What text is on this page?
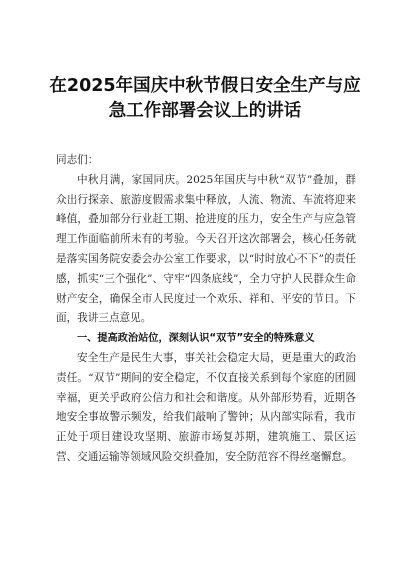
在2025年国庆中秋节假日安全生产与应急工作部署会议上的讲话

同志们：

中秋月满，家国同庆。2025年国庆与中秋“双节”叠加，群众出行探亲、旅游度假需求集中释放，人流、物流、车流将迎来峰值，叠加部分行业赶工期、抢进度的压力，安全生产与应急管理工作面临前所未有的考验。今天召开这次部署会，核心任务就是落实国务院安委会办公室工作要求，以“时时放心不下”的责任感，抓实“三个强化”、守牢“四条底线”，全力守护人民群众生命财产安全，确保全市人民度过一个欢乐、祥和、平安的节日。下面，我讲三点意见。

一、提高政治站位，深刻认识“双节”安全的特殊意义

安全生产是民生大事，事关社会稳定大局，更是重大的政治责任。“双节”期间的安全稳定，不仅直接关系到每个家庭的团圆幸福，更关乎政府公信力和社会和谐度。从外部形势看，近期各地安全事故警示频发，给我们敲响了警钟；从内部实际看，我市正处于项目建设攻坚期、旅游市场复苏期，建筑施工、景区运营、交通运输等领域风险交织叠加，安全防范容不得丝毫懈怠。
